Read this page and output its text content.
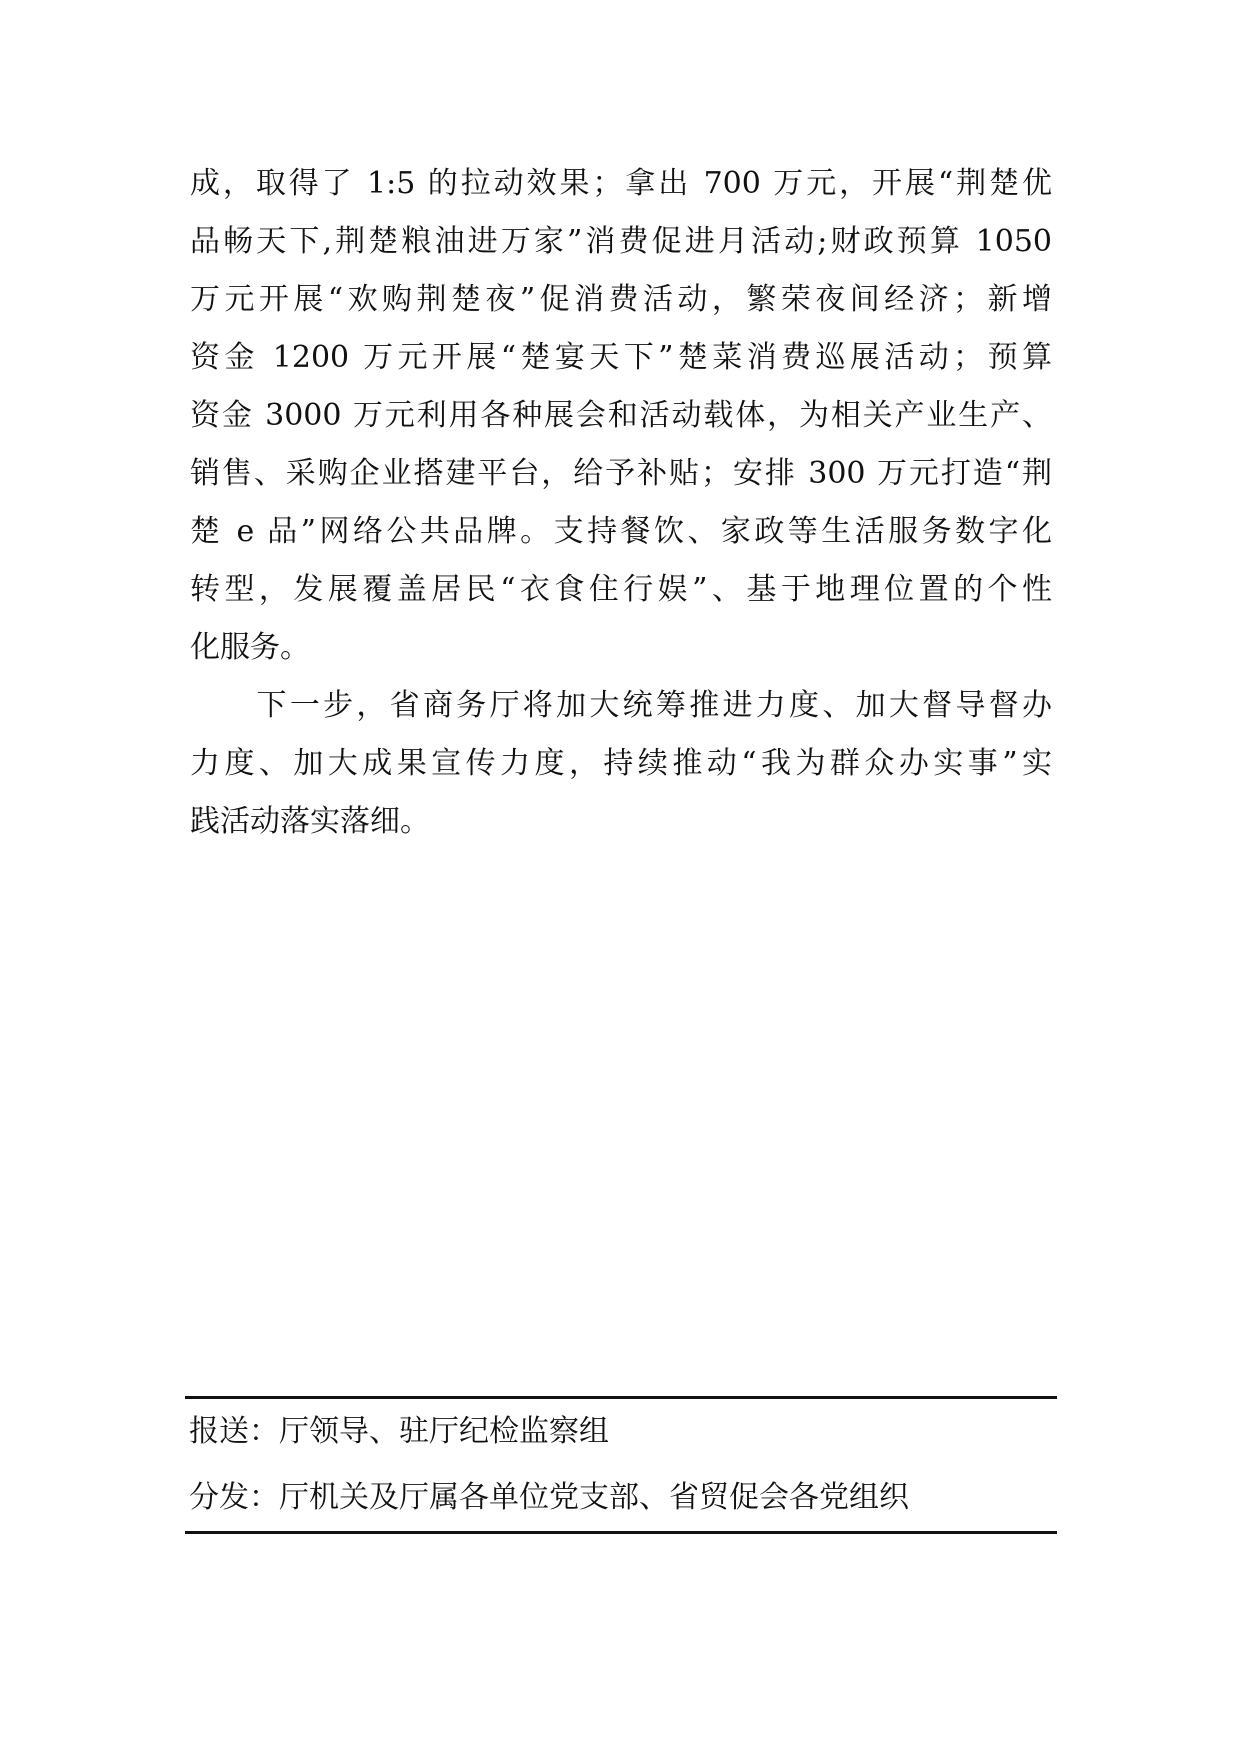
成，取得了 1:5 的拉动效果；拿出 700 万元，开展“荆楚优
品畅天下,荆楚粮油进万家”消费促进月活动;财政预算 1050
万元开展“欢购荆楚夜”促消费活动，繁荣夜间经济；新增
资金 1200 万元开展“楚宴天下”楚菜消费巡展活动；预算
资金 3000 万元利用各种展会和活动载体，为相关产业生产、
销售、采购企业搭建平台，给予补贴；安排 300 万元打造“荆
楚 e 品”网络公共品牌。支持餐饮、家政等生活服务数字化
转型，发展覆盖居民“衣食住行娱”、基于地理位置的个性
化服务。
　　下一步，省商务厅将加大统筹推进力度、加大督导督办
力度、加大成果宣传力度，持续推动“我为群众办实事”实
践活动落实落细。
报送：厅领导、驻厅纪检监察组
分发：厅机关及厅属各单位党支部、省贸促会各党组织
